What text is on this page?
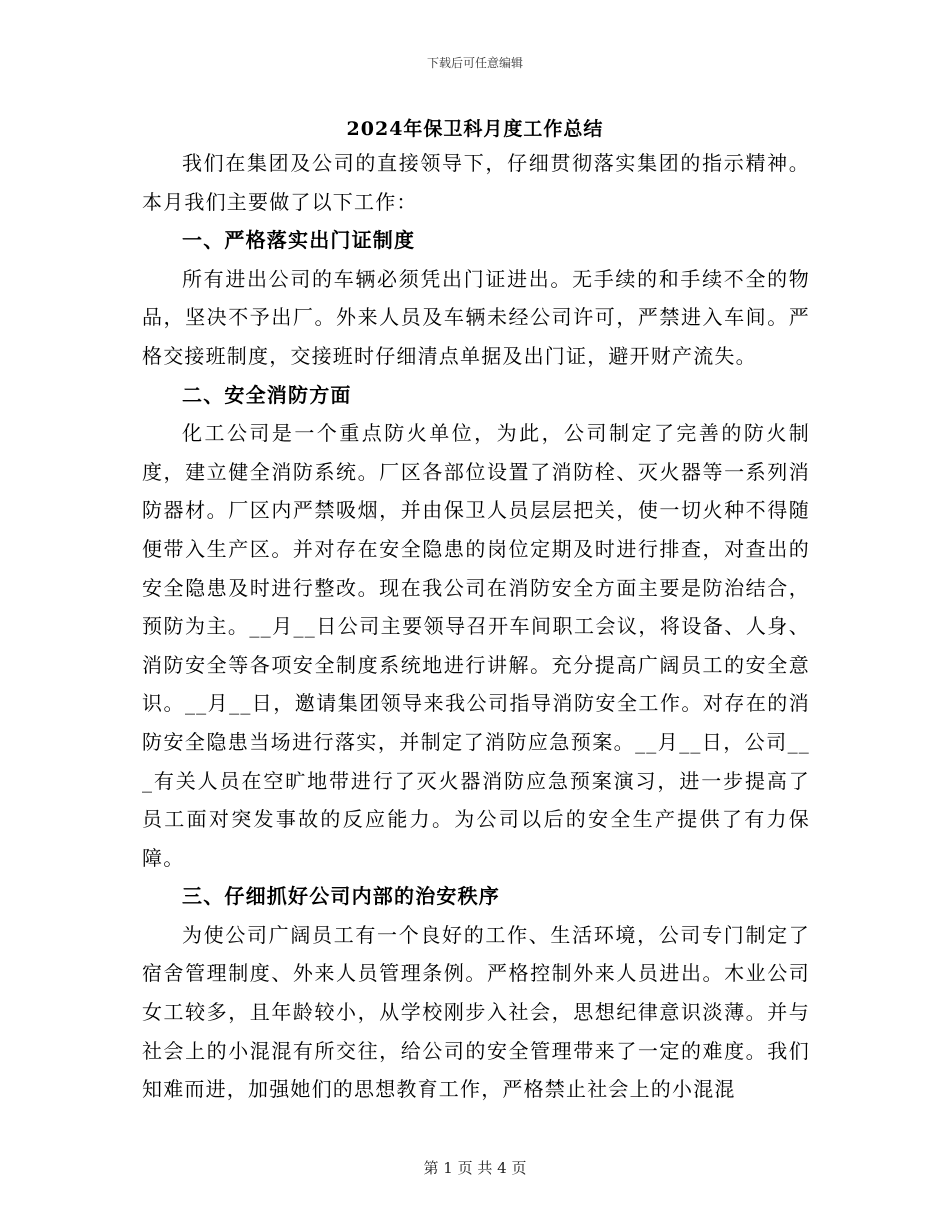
下载后可任意编辑
2024年保卫科月度工作总结

我们在集团及公司的直接领导下，仔细贯彻落实集团的指示精神。本月我们主要做了以下工作：

一、严格落实出门证制度

所有进出公司的车辆必须凭出门证进出。无手续的和手续不全的物品，坚决不予出厂。外来人员及车辆未经公司许可，严禁进入车间。严格交接班制度，交接班时仔细清点单据及出门证，避开财产流失。

二、安全消防方面

化工公司是一个重点防火单位，为此，公司制定了完善的防火制度，建立健全消防系统。厂区各部位设置了消防栓、灭火器等一系列消防器材。厂区内严禁吸烟，并由保卫人员层层把关，使一切火种不得随便带入生产区。并对存在安全隐患的岗位定期及时进行排查，对查出的安全隐患及时进行整改。现在我公司在消防安全方面主要是防治结合，预防为主。__月__日公司主要领导召开车间职工会议，将设备、人身、消防安全等各项安全制度系统地进行讲解。充分提高广阔员工的安全意识。__月__日，邀请集团领导来我公司指导消防安全工作。对存在的消防安全隐患当场进行落实，并制定了消防应急预案。__月__日，公司___有关人员在空旷地带进行了灭火器消防应急预案演习，进一步提高了员工面对突发事故的反应能力。为公司以后的安全生产提供了有力保障。

三、仔细抓好公司内部的治安秩序

为使公司广阔员工有一个良好的工作、生活环境，公司专门制定了宿舍管理制度、外来人员管理条例。严格控制外来人员进出。木业公司女工较多，且年龄较小，从学校刚步入社会，思想纪律意识淡薄。并与社会上的小混混有所交往，给公司的安全管理带来了一定的难度。我们知难而进，加强她们的思想教育工作，严格禁止社会上的小混混

第 1 页 共 4 页
